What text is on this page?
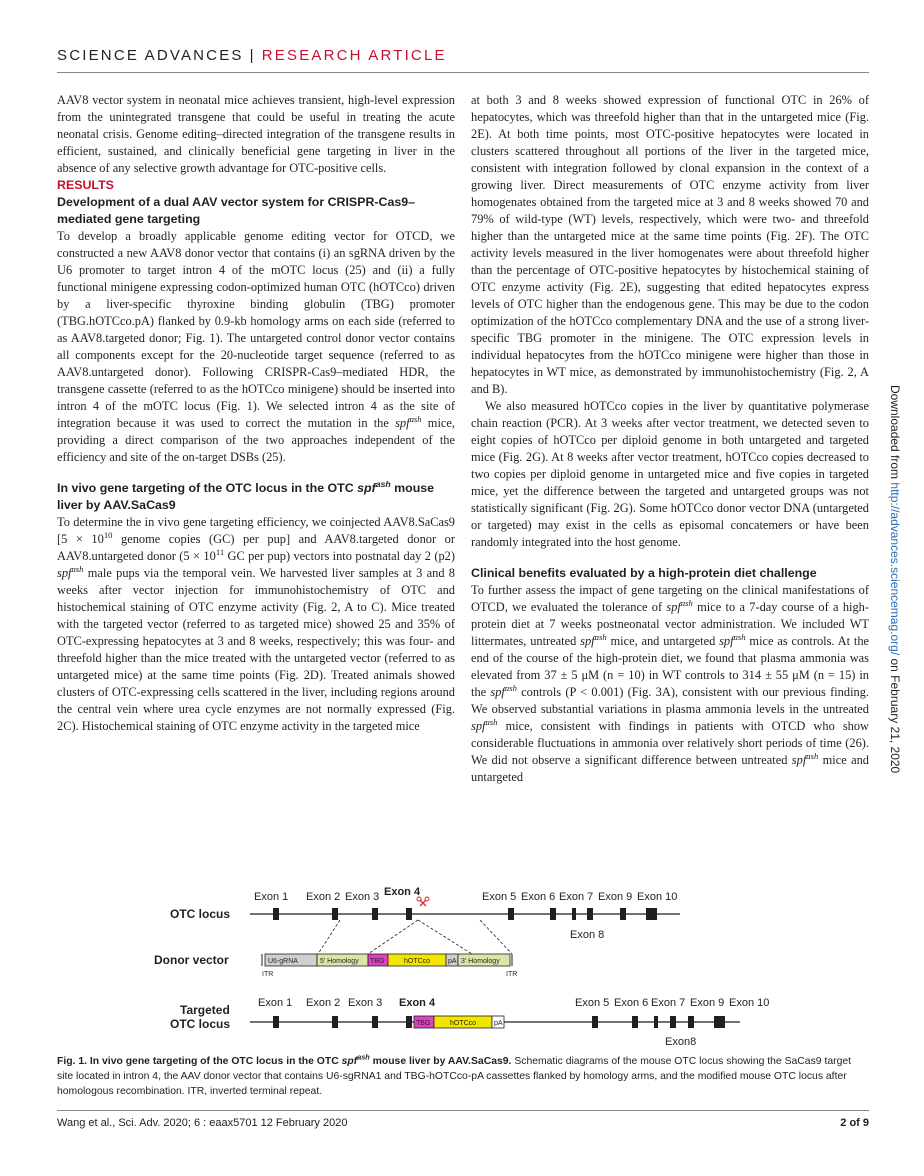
SCIENCE ADVANCES | RESEARCH ARTICLE

AAV8 vector system in neonatal mice achieves transient, high-level expression from the unintegrated transgene that could be useful in treating the acute neonatal crisis. Genome editing–directed integration of the transgene results in efficient, sustained, and clinically beneficial gene targeting in liver in the absence of any selective growth advantage for OTC-positive cells.

RESULTS

Development of a dual AAV vector system for CRISPR-Cas9–mediated gene targeting

To develop a broadly applicable genome editing vector for OTCD, we constructed a new AAV8 donor vector that contains (i) an sgRNA driven by the U6 promoter to target intron 4 of the mOTC locus (25) and (ii) a fully functional minigene expressing codon-optimized human OTC (hOTCco) driven by a liver-specific thyroxine binding globulin (TBG) promoter (TBG.hOTCco.pA) flanked by 0.9-kb homology arms on each side (referred to as AAV8.targeted donor; Fig. 1). The untargeted control donor vector contains all components except for the 20-nucleotide target sequence (referred to as AAV8.untargeted donor). Following CRISPR-Cas9–mediated HDR, the transgene cassette (referred to as the hOTCco minigene) should be inserted into intron 4 of the mOTC locus (Fig. 1). We selected intron 4 as the site of integration because it was used to correct the mutation in the spf$^{ash}$ mice, providing a direct comparison of the two approaches independent of the efficiency and site of the on-target DSBs (25).

In vivo gene targeting of the OTC locus in the OTC spf$^{ash}$ mouse liver by AAV.SaCas9

To determine the in vivo gene targeting efficiency, we coinjected AAV8.SaCas9 [$5 \times 10^{10}$ genome copies (GC) per pup] and AAV8.targeted donor or AAV8.untargeted donor ($5 \times 10^{11}$ GC per pup) vectors into postnatal day 2 (p2) spf$^{ash}$ male pups via the temporal vein. We harvested liver samples at 3 and 8 weeks after vector injection for immunohistochemistry of OTC and histochemical staining of OTC enzyme activity (Fig. 2, A to C). Mice treated with the targeted vector (referred to as targeted mice) showed 25 and 35% of OTC-expressing hepatocytes at 3 and 8 weeks, respectively; this was four- and threefold higher than the mice treated with the untargeted vector (referred to as untargeted mice) at the same time points (Fig. 2D). Treated animals showed clusters of OTC-expressing cells scattered in the liver, including regions around the central vein where urea cycle enzymes are not normally expressed (Fig. 2C). Histochemical staining of OTC enzyme activity in the targeted mice

at both 3 and 8 weeks showed expression of functional OTC in 26% of hepatocytes, which was threefold higher than that in the untargeted mice (Fig. 2E). At both time points, most OTC-positive hepatocytes were located in clusters scattered throughout all portions of the liver in the targeted mice, consistent with integration followed by clonal expansion in the context of a growing liver. Direct measurements of OTC enzyme activity from liver homogenates obtained from the targeted mice at 3 and 8 weeks showed 70 and 79% of wild-type (WT) levels, respectively, which were two- and threefold higher than the untargeted mice at the same time points (Fig. 2F). The OTC activity levels measured in the liver homogenates were about threefold higher than the percentage of OTC-positive hepatocytes by histochemical staining of OTC enzyme activity (Fig. 2E), suggesting that edited hepatocytes express levels of OTC higher than the endogenous gene. This may be due to the codon optimization of the hOTCco complementary DNA and the use of a strong liver-specific TBG promoter in the minigene. The OTC expression levels in individual hepatocytes from the hOTCco minigene were higher than those in hepatocytes in WT mice, as demonstrated by immunohistochemistry (Fig. 2, A and B).

We also measured hOTCco copies in the liver by quantitative polymerase chain reaction (PCR). At 3 weeks after vector treatment, we detected seven to eight copies of hOTCco per diploid genome in both untargeted and targeted mice (Fig. 2G). At 8 weeks after vector treatment, hOTCco copies decreased to two copies per diploid genome in untargeted mice and five copies in targeted mice, yet the difference between the targeted and untargeted groups was not statistically significant (Fig. 2G). Some hOTCco donor vector DNA (untargeted or targeted) may exist in the cells as episomal concatemers or have been randomly integrated into the host genome.

Clinical benefits evaluated by a high-protein diet challenge

To further assess the impact of gene targeting on the clinical manifestations of OTCD, we evaluated the tolerance of spf$^{ash}$ mice to a 7-day course of a high-protein diet at 7 weeks postneonatal vector administration. We included WT littermates, untreated spf$^{ash}$ mice, and untargeted spf$^{ash}$ mice as controls. At the end of the course of the high-protein diet, we found that plasma ammonia was elevated from 37 ± 5 μM (n = 10) in WT controls to 314 ± 55 μM (n = 15) in the spf$^{ash}$ controls (P < 0.001) (Fig. 3A), consistent with our previous finding. We observed substantial variations in plasma ammonia levels in the untreated spf$^{ash}$ mice, consistent with findings in patients with OTCD who show considerable fluctuations in ammonia over relatively short periods of time (26). We did not observe a significant difference between untreated spf$^{ash}$ mice and untargeted

Downloaded from http://advances.sciencemag.org/ on February 21, 2020
OTC locus
Donor vector
Targeted
OTC locus
Exon 1 Exon 2 Exon 3 Exon 4	Exon 5 Exon 6 Exon 7 Exon 9 Exon 10
Exon 8
U6-gRNA	5' Homology TBG	hOTCco	pA 3' Homology
ITR	ITR
Exon 1 Exon 2 Exon 3 Exon 4	Exon 5 Exon 6 Exon 7 Exon 9 Exon 10
Exon8
TBG	hOTCco	pA
Fig. 1. In vivo gene targeting of the OTC locus in the OTC spf$^{ash}$ mouse liver by AAV.SaCas9. Schematic diagrams of the mouse OTC locus showing the SaCas9 target site located in intron 4, the AAV donor vector that contains U6-sgRNA1 and TBG-hOTCco-pA cassettes flanked by homology arms, and the modified mouse OTC locus after homologous recombination. ITR, inverted terminal repeat.
Wang et al., Sci. Adv. 2020; 6 : eaax5701 12 February 2020	2 of 9
